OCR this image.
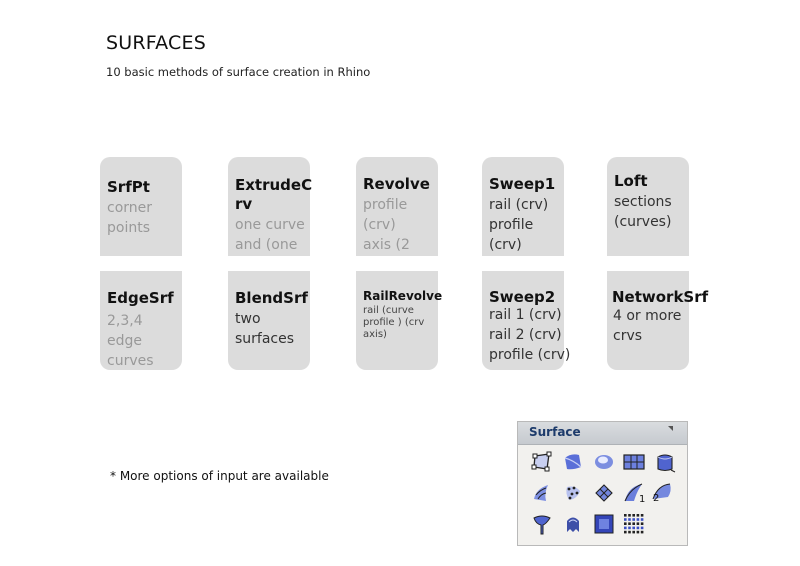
SURFACES
10 basic methods of surface creation in Rhino
SrfPt
corner
points
ExtrudeCrv
one curve
and (one
Revolve
profile
(crv)
axis (2
Sweep1
rail (crv)
profile
(crv)
Loft
sections
(curves)
EdgeSrf
2,3,4
edge
curves
BlendSrf
two
surfaces
RailRevolve
rail (curve
profile ) (crv
axis)
Sweep2
rail 1 (crv)
rail 2 (crv)
profile (crv)
NetworkSrf
4 or more
crvs
* More options of input are available
Surface
1 2
